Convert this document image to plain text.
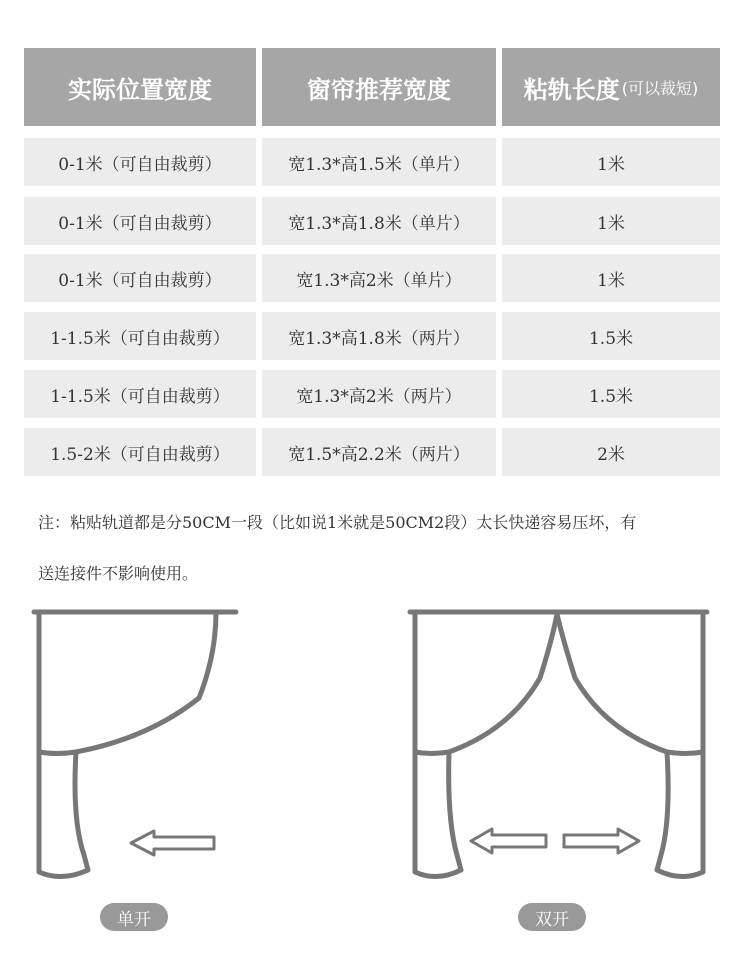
实际位置宽度	窗帘推荐宽度	粘轨长度 (可以裁短)
0-1米（可自由裁剪）	宽1.3*高1.5米（单片）	1米
0-1米（可自由裁剪）	宽1.3*高1.8米（单片）	1米
0-1米（可自由裁剪）	宽1.3*高2米（单片）	1米
1-1.5米（可自由裁剪）	宽1.3*高1.8米（两片）	1.5米
1-1.5米（可自由裁剪）	宽1.3*高2米（两片）	1.5米
1.5-2米（可自由裁剪）	宽1.5*高2.2米（两片）	2米
注：粘贴轨道都是分50CM一段（比如说1米就是50CM2段）太长快递容易压坏，有
送连接件不影响使用。
单开	双开
